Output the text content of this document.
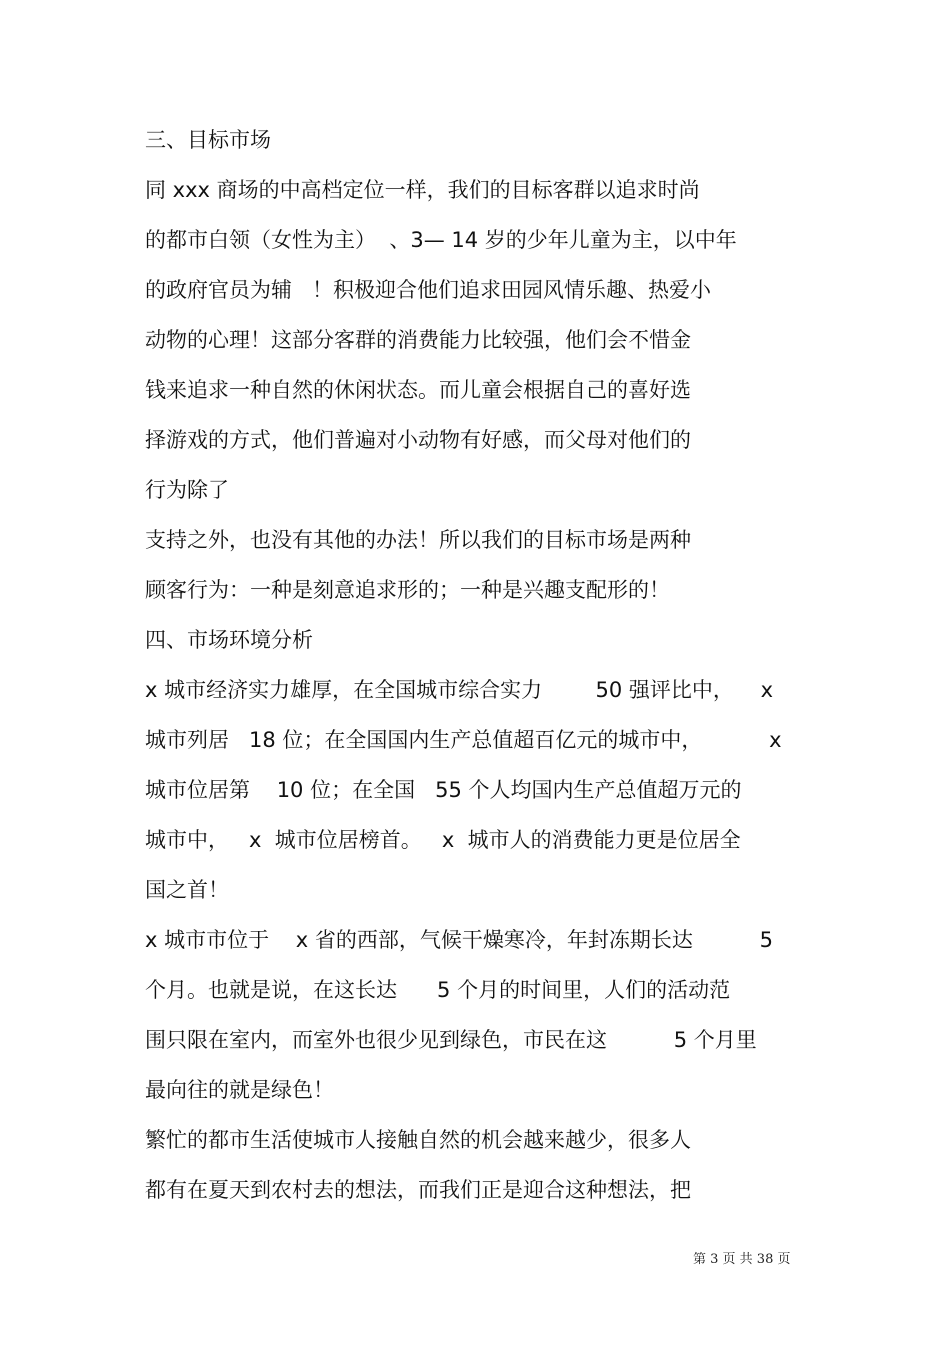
三、目标市场
同 xxx 商场的中高档定位一样，我们的目标客群以追求时尚
的都市白领（女性为主）  、3— 14 岁的少年儿童为主，以中年
的政府官员为辅   ！积极迎合他们追求田园风情乐趣、热爱小
动物的心理！这部分客群的消费能力比较强，他们会不惜金
钱来追求一种自然的休闲状态。而儿童会根据自己的喜好选
择游戏的方式，他们普遍对小动物有好感，而父母对他们的
行为除了
支持之外，也没有其他的办法！所以我们的目标市场是两种
顾客行为：一种是刻意追求形的；一种是兴趣支配形的！
四、市场环境分析
x 城市经济实力雄厚，在全国城市综合实力        50 强评比中，    x
城市列居   18 位；在全国国内生产总值超百亿元的城市中，          x
城市位居第    10 位；在全国   55 个人均国内生产总值超万元的
城市中，   x  城市位居榜首。   x  城市人的消费能力更是位居全
国之首！
x 城市市位于    x 省的西部，气候干燥寒冷，年封冻期长达          5
个月。也就是说，在这长达      5 个月的时间里，人们的活动范
围只限在室内，而室外也很少见到绿色，市民在这          5 个月里
最向往的就是绿色！
繁忙的都市生活使城市人接触自然的机会越来越少，很多人
都有在夏天到农村去的想法，而我们正是迎合这种想法，把
第 3 页 共 38 页
